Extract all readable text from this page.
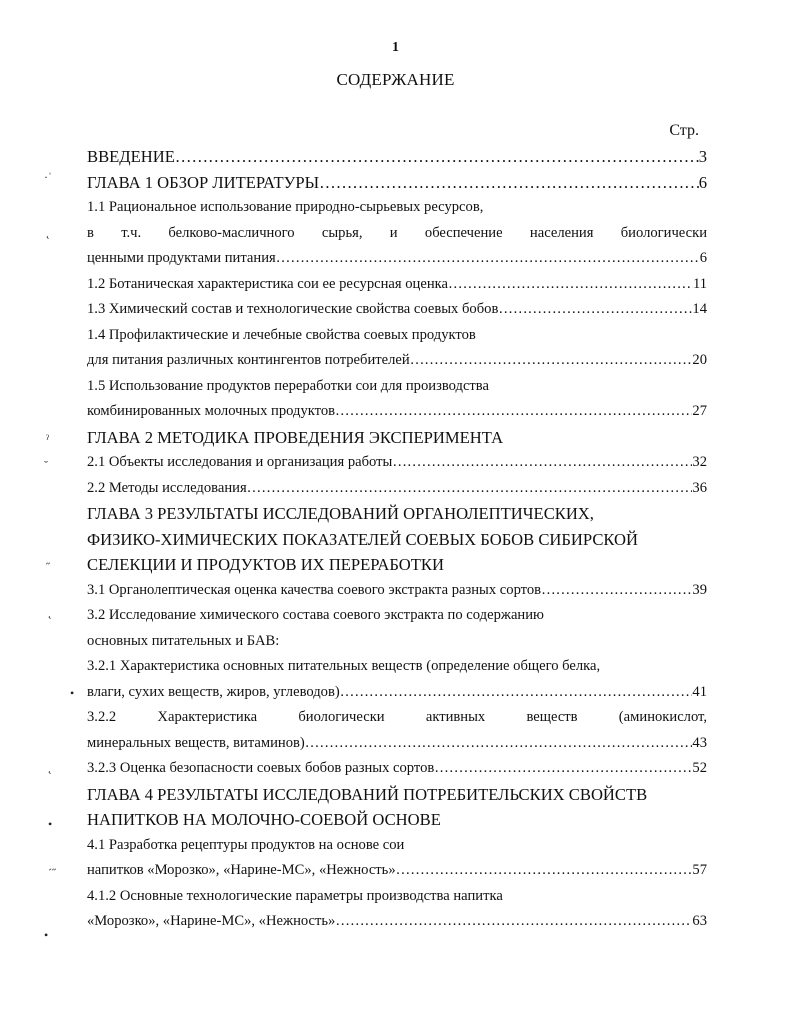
1
СОДЕРЖАНИЕ
Стр.
·ˈ
˛
ˀ
˘
˝
˛
•
˛
•
ˊ˝
•
ВВЕДЕНИЕ ……………………………………………………………………………………………………………………………………………………	3
ГЛАВА 1 ОБЗОР ЛИТЕРАТУРЫ ……………………………………………………………………………………………………………………………………………………	6
1.1 Рациональное использование природно-сырьевых ресурсов,
в т.ч. белково-масличного сырья, и обеспечение населения биологически
ценными продуктами питания ……………………………………………………………………………………………………………………………………………………	6
1.2 Ботаническая характеристика сои ее ресурсная оценка ……………………………………………………………………………………………………………………………………………………	11
1.3 Химический состав и технологические свойства соевых бобов ……………………………………………………………………………………………………………………………………………………	14
1.4 Профилактические и лечебные свойства соевых продуктов
для питания различных контингентов потребителей ……………………………………………………………………………………………………………………………………………………	20
1.5 Использование продуктов переработки сои для производства
комбинированных молочных продуктов ……………………………………………………………………………………………………………………………………………………	27
ГЛАВА 2 МЕТОДИКА ПРОВЕДЕНИЯ ЭКСПЕРИМЕНТА
2.1 Объекты исследования и организация работы ……………………………………………………………………………………………………………………………………………………	32
2.2 Методы исследования ……………………………………………………………………………………………………………………………………………………	36
ГЛАВА 3 РЕЗУЛЬТАТЫ ИССЛЕДОВАНИЙ ОРГАНОЛЕПТИЧЕСКИХ,
ФИЗИКО-ХИМИЧЕСКИХ ПОКАЗАТЕЛЕЙ СОЕВЫХ БОБОВ СИБИРСКОЙ
СЕЛЕКЦИИ И ПРОДУКТОВ ИХ ПЕРЕРАБОТКИ
3.1 Органолептическая оценка качества соевого экстракта разных сортов ……………………………………………………………………………………………………………………………………………………	39
3.2 Исследование химического состава соевого экстракта по содержанию
основных питательных и БАВ:
3.2.1 Характеристика основных питательных веществ (определение общего белка,
влаги, сухих веществ, жиров, углеводов) ……………………………………………………………………………………………………………………………………………………	41
3.2.2 Характеристика биологически активных веществ (аминокислот,
минеральных веществ, витаминов) ……………………………………………………………………………………………………………………………………………………	43
3.2.3 Оценка безопасности соевых бобов разных сортов ……………………………………………………………………………………………………………………………………………………	52
ГЛАВА 4 РЕЗУЛЬТАТЫ ИССЛЕДОВАНИЙ ПОТРЕБИТЕЛЬСКИХ СВОЙСТВ
НАПИТКОВ НА МОЛОЧНО-СОЕВОЙ ОСНОВЕ
4.1 Разработка рецептуры продуктов на основе сои
напитков «Морозко», «Нарине-МС», «Нежность» ……………………………………………………………………………………………………………………………………………………	57
4.1.2 Основные технологические параметры производства напитка
«Морозко», «Нарине-МС», «Нежность» ……………………………………………………………………………………………………………………………………………………	63
